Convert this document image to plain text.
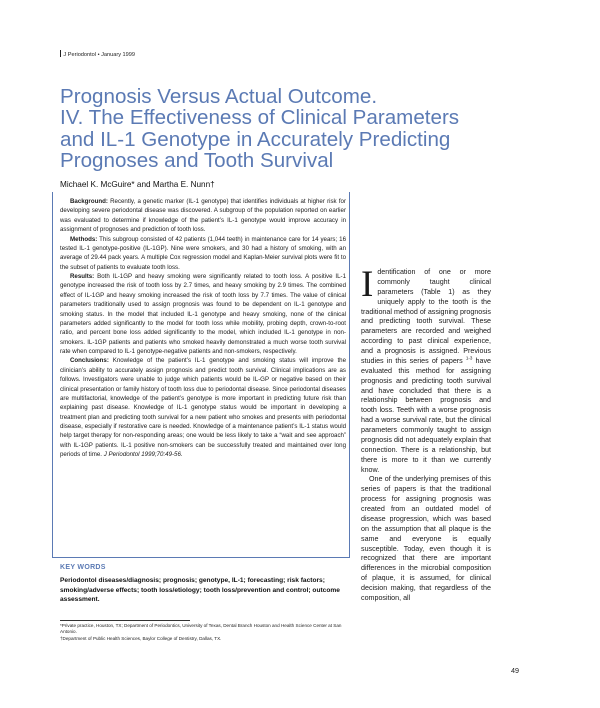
J Periodontol • January 1999
Prognosis Versus Actual Outcome.
IV. The Effectiveness of Clinical Parameters
and IL-1 Genotype in Accurately Predicting
Prognoses and Tooth Survival
Michael K. McGuire* and Martha E. Nunn†

Background: Recently, a genetic marker (IL-1 genotype) that identifies individuals at higher risk for developing severe periodontal disease was discovered. A subgroup of the population reported on earlier was evaluated to determine if knowledge of the patient’s IL-1 genotype would improve accuracy in assignment of prognoses and prediction of tooth loss.

Methods: This subgroup consisted of 42 patients (1,044 teeth) in maintenance care for 14 years; 16 tested IL-1 genotype-positive (IL-1GP). Nine were smokers, and 30 had a history of smoking, with an average of 29.44 pack years. A multiple Cox regression model and Kaplan-Meier survival plots were fit to the subset of patients to evaluate tooth loss.

Results: Both IL-1GP and heavy smoking were significantly related to tooth loss. A positive IL-1 genotype increased the risk of tooth loss by 2.7 times, and heavy smoking by 2.9 times. The combined effect of IL-1GP and heavy smoking increased the risk of tooth loss by 7.7 times. The value of clinical parameters traditionally used to assign prognosis was found to be dependent on IL-1 genotype and smoking status. In the model that included IL-1 genotype and heavy smoking, none of the clinical parameters added significantly to the model for tooth loss while mobility, probing depth, crown-to-root ratio, and percent bone loss added significantly to the model, which included IL-1 genotype in non-smokers. IL-1GP patients and patients who smoked heavily demonstrated a much worse tooth survival rate when compared to IL-1 genotype-negative patients and non-smokers, respectively.

Conclusions: Knowledge of the patient’s IL-1 genotype and smoking status will improve the clinician’s ability to accurately assign prognosis and predict tooth survival. Clinical implications are as follows. Investigators were unable to judge which patients would be IL-GP or negative based on their clinical presentation or family history of tooth loss due to periodontal disease. Since periodontal diseases are multifactorial, knowledge of the patient’s genotype is more important in predicting future risk than explaining past disease. Knowledge of IL-1 genotype status would be important in developing a treatment plan and predicting tooth survival for a new patient who smokes and presents with periodontal disease, especially if restorative care is needed. Knowledge of a maintenance patient’s IL-1 status would help target therapy for non-responding areas; one would be less likely to take a “wait and see approach” with IL-1GP patients. IL-1 positive non-smokers can be successfully treated and maintained over long periods of time. J Periodontol 1999;70:49-56.

KEY WORDS
Periodontol diseases/diagnosis; prognosis; genotype, IL-1; forecasting; risk factors; smoking/adverse effects; tooth loss/etiology; tooth loss/prevention and control; outcome assessment.

*Private practice, Houston, TX; Department of Periodontics, University of Texas, Dental Branch Houston and Health Science Center at San Antonio.

†Department of Public Health Sciences, Baylor College of Dentistry, Dallas, TX.

Identification of one or more commonly taught clinical parameters (Table 1) as they uniquely apply to the tooth is the traditional method of assigning prognosis and predicting tooth survival. These parameters are recorded and weighed according to past clinical experience, and a prognosis is assigned. Previous studies in this series of papers $^{1-3}$ have evaluated this method for assigning prognosis and predicting tooth survival and have concluded that there is a relationship between prognosis and tooth loss. Teeth with a worse prognosis had a worse survival rate, but the clinical parameters commonly taught to assign prognosis did not adequately explain that connection. There is a relationship, but there is more to it than we currently know.

One of the underlying premises of this series of papers is that the traditional process for assigning prognosis was created from an outdated model of disease progression, which was based on the assumption that all plaque is the same and everyone is equally susceptible. Today, even though it is recognized that there are important differences in the microbial composition of plaque, it is assumed, for clinical decision making, that regardless of the composition, all

49
